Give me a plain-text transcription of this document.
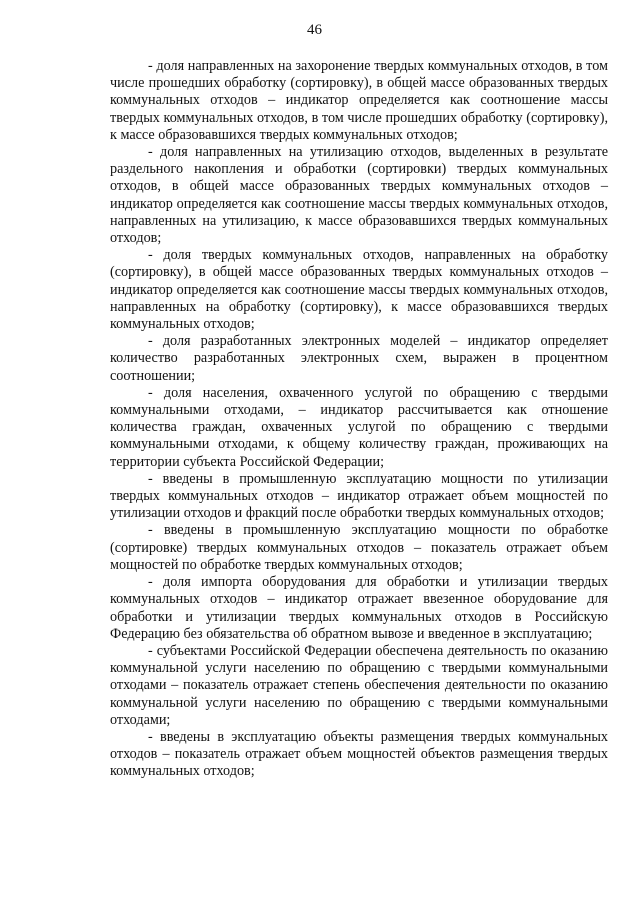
46

- доля направленных на захоронение твердых коммунальных отходов, в том числе прошедших обработку (сортировку), в общей массе образованных твердых коммунальных отходов – индикатор определяется как соотношение массы твердых коммунальных отходов, в том числе прошедших обработку (сортировку), к массе образовавшихся твердых коммунальных отходов;

- доля направленных на утилизацию отходов, выделенных в результате раздельного накопления и обработки (сортировки) твердых коммунальных отходов, в общей массе образованных твердых коммунальных отходов – индикатор определяется как соотношение массы твердых коммунальных отходов, направленных на утилизацию, к массе образовавшихся твердых коммунальных отходов;

- доля твердых коммунальных отходов, направленных на обработку (сортировку), в общей массе образованных твердых коммунальных отходов – индикатор определяется как соотношение массы твердых коммунальных отходов, направленных на обработку (сортировку), к массе образовавшихся твердых коммунальных отходов;

- доля разработанных электронных моделей – индикатор определяет количество разработанных электронных схем, выражен в процентном соотношении;

- доля населения, охваченного услугой по обращению с твердыми коммунальными отходами, – индикатор рассчитывается как отношение количества граждан, охваченных услугой по обращению с твердыми коммунальными отходами, к общему количеству граждан, проживающих на территории субъекта Российской Федерации;

- введены в промышленную эксплуатацию мощности по утилизации твердых коммунальных отходов – индикатор отражает объем мощностей по утилизации отходов и фракций после обработки твердых коммунальных отходов;

- введены в промышленную эксплуатацию мощности по обработке (сортировке) твердых коммунальных отходов – показатель отражает объем мощностей по обработке твердых коммунальных отходов;

- доля импорта оборудования для обработки и утилизации твердых коммунальных отходов – индикатор отражает ввезенное оборудование для обработки и утилизации твердых коммунальных отходов в Российскую Федерацию без обязательства об обратном вывозе и введенное в эксплуатацию;

- субъектами Российской Федерации обеспечена деятельность по оказанию коммунальной услуги населению по обращению с твердыми коммунальными отходами – показатель отражает степень обеспечения деятельности по оказанию коммунальной услуги населению по обращению с твердыми коммунальными отходами;

- введены в эксплуатацию объекты размещения твердых коммунальных отходов – показатель отражает объем мощностей объектов размещения твердых коммунальных отходов;
